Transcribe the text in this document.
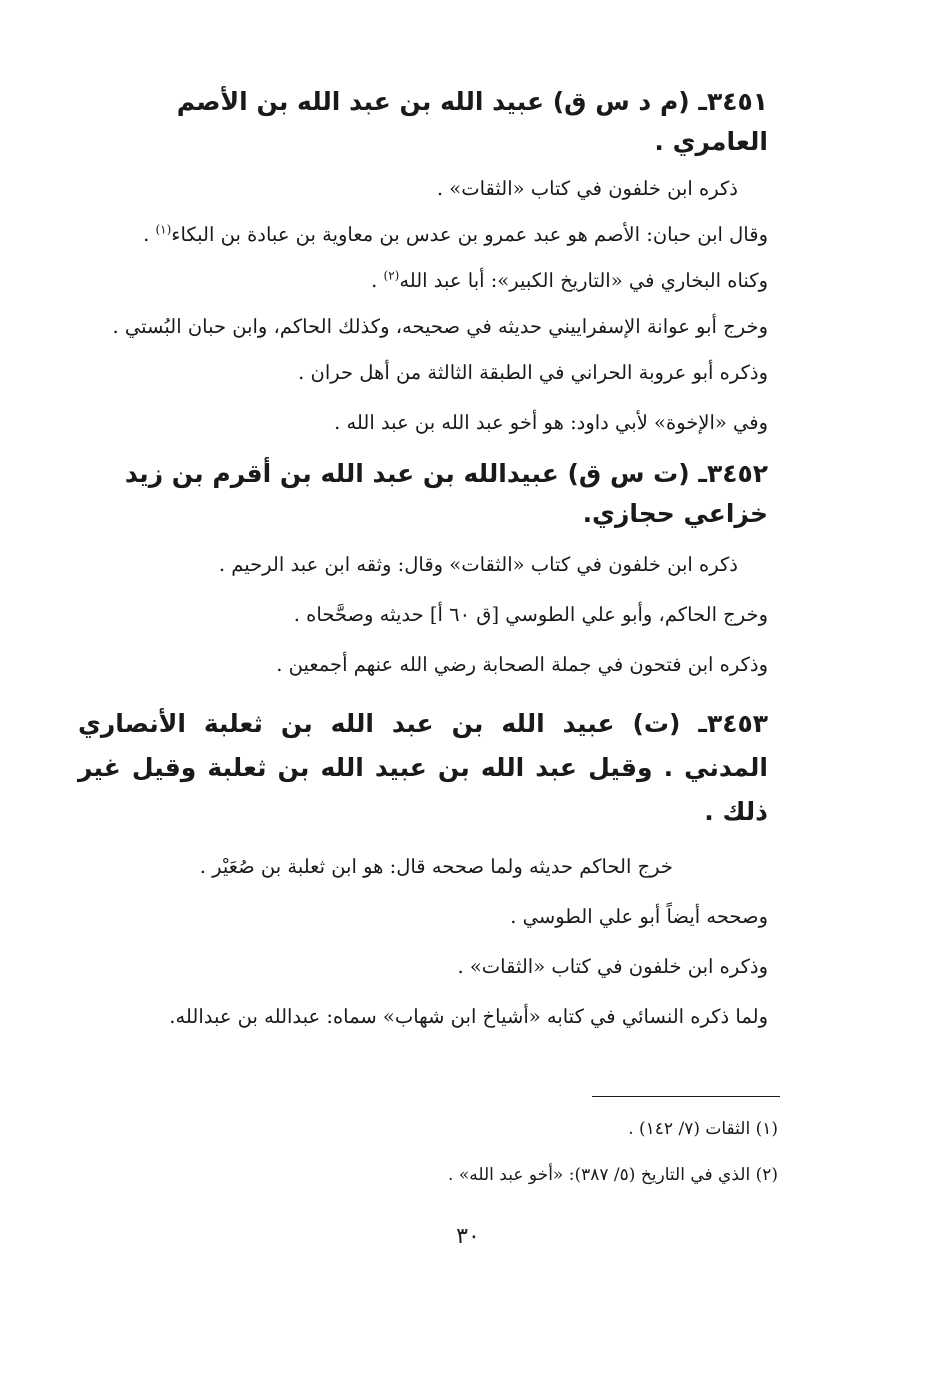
٣٤٥١ـ (م د س ق) عبيد الله بن عبد الله بن الأصم العامري .

ذكره ابن خلفون في كتاب «الثقات» .

وقال ابن حبان: الأصم هو عبد عمرو بن عدس بن معاوية بن عبادة بن البكاء$^{(١)}$ .

وكناه البخاري في «التاريخ الكبير»: أبا عبد الله$^{(٢)}$ .

وخرج أبو عوانة الإسفراييني حديثه في صحيحه، وكذلك الحاكم، وابن حبان البُستي .

وذكره أبو عروبة الحراني في الطبقة الثالثة من أهل حران .

وفي «الإخوة» لأبي داود: هو أخو عبد الله بن عبد الله .

٣٤٥٢ـ (ت س ق) عبيدالله بن عبد الله بن أقرم بن زيد خزاعي حجازي.

ذكره ابن خلفون في كتاب «الثقات» وقال: وثقه ابن عبد الرحيم .

وخرج الحاكم، وأبو علي الطوسي [ق ٦٠ أ] حديثه وصحَّحاه .

وذكره ابن فتحون في جملة الصحابة رضي الله عنهم أجمعين .

٣٤٥٣ـ (ت) عبيد الله بن عبد الله بن ثعلبة الأنصاري المدني . وقيل عبد الله بن عبيد الله بن ثعلبة وقيل غير ذلك .

خرج الحاكم حديثه ولما صححه قال: هو ابن ثعلبة بن صُعَيْر .

وصححه أيضاً أبو علي الطوسي .

وذكره ابن خلفون في كتاب «الثقات» .

ولما ذكره النسائي في كتابه «أشياخ ابن شهاب» سماه: عبدالله بن عبدالله.

(١) الثقات (٧/ ١٤٢) .

(٢) الذي في التاريخ (٥/ ٣٨٧): «أخو عبد الله» .

٣٠
